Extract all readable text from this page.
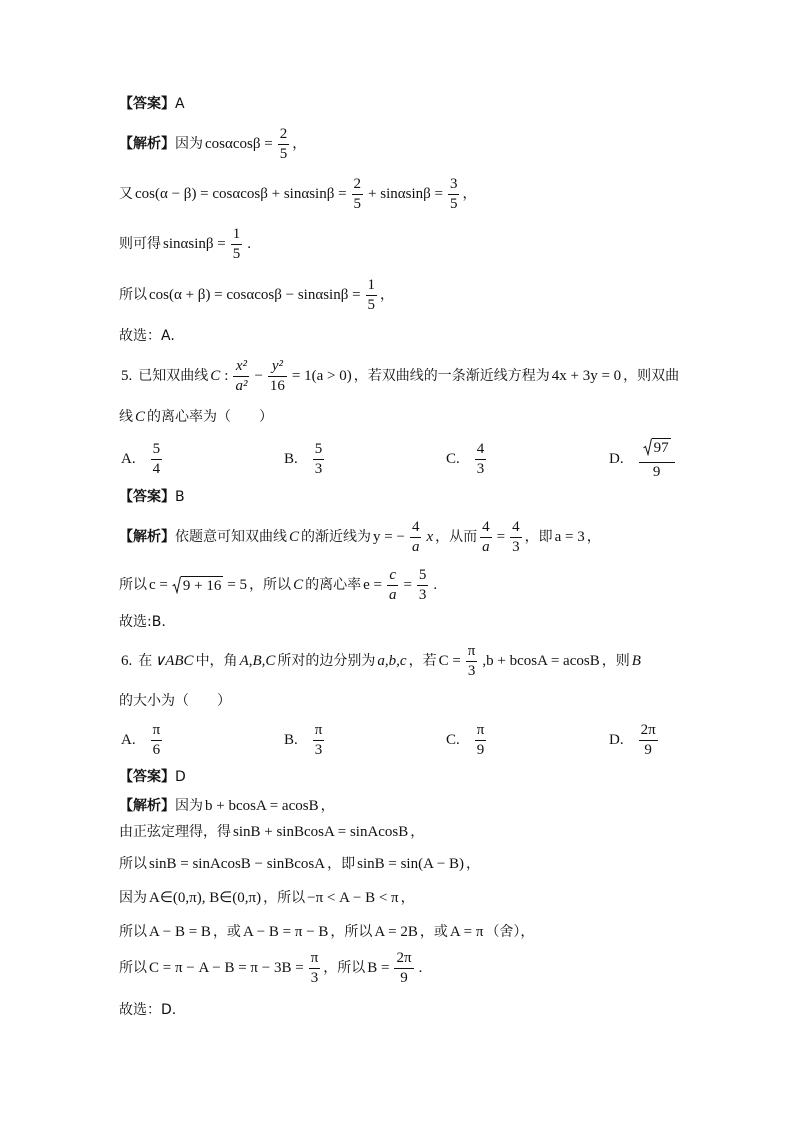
【答案】 A
【解析】 因为 $\cos\alpha\cos\beta = \frac{2}{5}$ ，
又 $\cos(\alpha - \beta) = \cos\alpha\cos\beta + \sin\alpha\sin\beta = \frac{2}{5} + \sin\alpha\sin\beta = \frac{3}{5}$ ，
则可得 $\sin\alpha\sin\beta = \frac{1}{5}$ .
所以 $\cos(\alpha + \beta) = \cos\alpha\cos\beta - \sin\alpha\sin\beta = \frac{1}{5}$ ，
故选：A.
5. 已知双曲线 C : $\frac{\text{x²}}{\text{a²}} - \frac{\text{y²}}{16} = 1(a > 0)$ ，若双曲线的一条渐近线方程为 4x + 3y = 0 ，则双曲
线 C 的离心率为（　　）
A. $\frac{5}{4}$	B. $\frac{5}{3}$	C. $\frac{4}{3}$	D. $\frac{97}{9}$
【答案】 B
【解析】 依题意可知双曲线 C 的渐近线为 y = − $\frac{4}{a}$ x ，从而 $\frac{4}{a} = \frac{4}{3}$ ，即 a = 3 ，
所以 c = 9 + 16 = 5 ，所以 C 的离心率 $e = \frac{c}{a} = \frac{5}{3}$ .
故选:B.
6. 在 ∨ABC 中，角 A,B,C 所对的边分别为 a,b,c ，若 $C = \frac{\pi}{3} ,b + bcosA = acosB$ ，则 B
的大小为（　　）
A. $\frac{\pi}{6}$	B. $\frac{\pi}{3}$	C. $\frac{\pi}{9}$	D. $\frac{2\pi}{9}$
【答案】 D
【解析】 因为 b + bcosA = acosB ，
由正弦定理得，得 sinB + sinBcosA = sinAcosB ，
所以 sinB = sinAcosB − sinBcosA ，即 sinB = sin(A − B) ，
因为 A∈(0,π), B∈(0,π) ，所以 −π < A − B < π ，
所以 A − B = B ，或 A − B = π − B ，所以 A = 2B ，或 A = π （舍），
所以 $C = \pi - A - B = \pi - 3B = \frac{\pi}{3}$ ，所以 $B = \frac{2\pi}{9}$ .
故选：D.
